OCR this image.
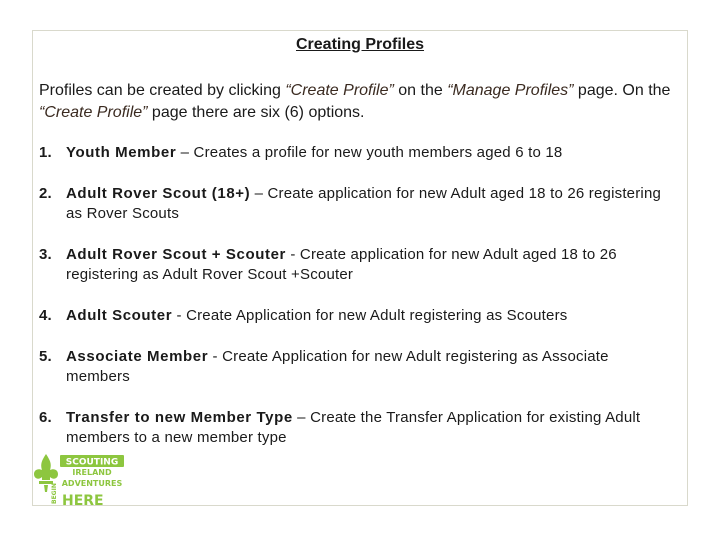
Creating Profiles
Profiles can be created by clicking “Create Profile” on the “Manage Profiles” page. On the “Create Profile” page there are six (6) options.
1. Youth Member – Creates a profile for new youth members aged 6 to 18
2. Adult Rover Scout (18+) – Create application for new Adult aged 18 to 26 registering as Rover Scouts
3. Adult Rover Scout + Scouter - Create application for new Adult aged 18 to 26 registering as Adult Rover Scout +Scouter
4. Adult Scouter - Create Application for new Adult registering as Scouters
5. Associate Member - Create Application for new Adult registering as Associate members
6. Transfer to new Member Type – Create the Transfer Application for existing Adult members to a new member type
SCOUTING
IRELAND
ADVENTURES
BEGIN HERE
